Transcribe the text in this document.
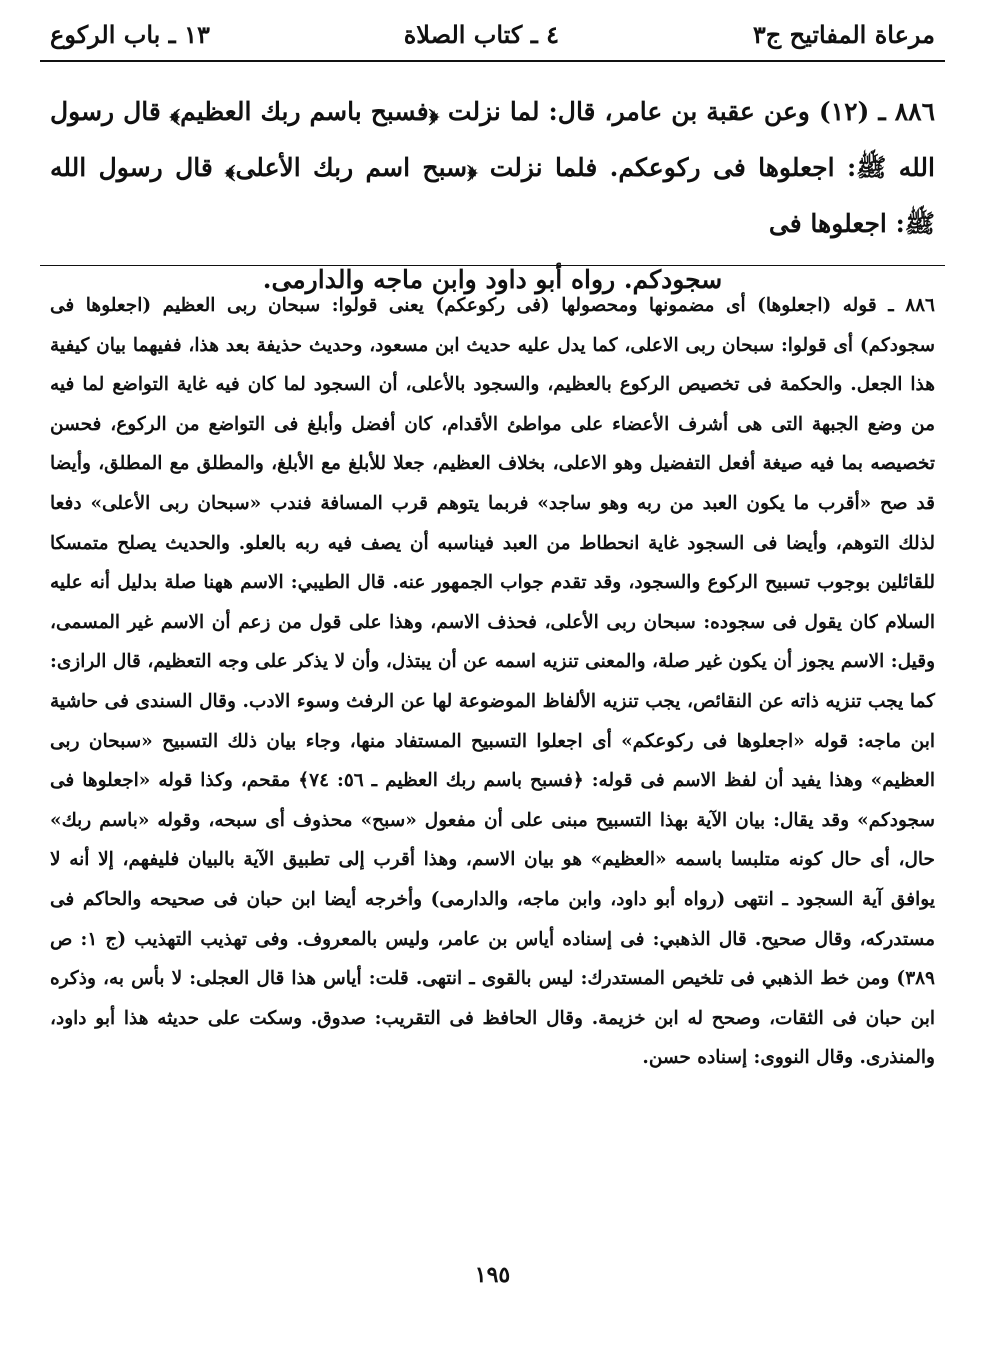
مرعاة المفاتيح ج٣
٤ ـ كتاب الصلاة
١٣ ـ باب الركوع
٨٨٦ ـ (١٢) وعن عقبة بن عامر، قال: لما نزلت ﴿فسبح باسم ربك العظيم﴾ قال رسول الله ﷺ: اجعلوها فى ركوعكم. فلما نزلت ﴿سبح اسم ربك الأعلى﴾ قال رسول الله ﷺ: اجعلوها فى
سجودكم. رواه أبو داود وابن ماجه والدارمى.

٨٨٦ ـ قوله (اجعلوها) أى مضمونها ومحصولها (فى ركوعكم) يعنى قولوا: سبحان ربى العظيم (اجعلوها فى سجودكم) أى قولوا: سبحان ربى الاعلى، كما يدل عليه حديث ابن مسعود، وحديث حذيفة بعد هذا، ففيهما بيان كيفية هذا الجعل. والحكمة فى تخصيص الركوع بالعظيم، والسجود بالأعلى، أن السجود لما كان فيه غاية التواضع لما فيه من وضع الجبهة التى هى أشرف الأعضاء على مواطئ الأقدام، كان أفضل وأبلغ فى التواضع من الركوع، فحسن تخصيصه بما فيه صيغة أفعل التفضيل وهو الاعلى، بخلاف العظيم، جعلا للأبلغ مع الأبلغ، والمطلق مع المطلق، وأيضا قد صح «أقرب ما يكون العبد من ربه وهو ساجد» فربما يتوهم قرب المسافة فندب «سبحان ربى الأعلى» دفعا لذلك التوهم، وأيضا فى السجود غاية انحطاط من العبد فيناسبه أن يصف فيه ربه بالعلو. والحديث يصلح متمسكا للقائلين بوجوب تسبيح الركوع والسجود، وقد تقدم جواب الجمهور عنه. قال الطيبي: الاسم ههنا صلة بدليل أنه عليه السلام كان يقول فى سجوده: سبحان ربى الأعلى، فحذف الاسم، وهذا على قول من زعم أن الاسم غير المسمى، وقيل: الاسم يجوز أن يكون غير صلة، والمعنى تنزيه اسمه عن أن يبتذل، وأن لا يذكر على وجه التعظيم، قال الرازى: كما يجب تنزيه ذاته عن النقائص، يجب تنزيه الألفاظ الموضوعة لها عن الرفث وسوء الادب. وقال السندى فى حاشية ابن ماجه: قوله «اجعلوها فى ركوعكم» أى اجعلوا التسبيح المستفاد منها، وجاء بيان ذلك التسبيح «سبحان ربى العظيم» وهذا يفيد أن لفظ الاسم فى قوله: ﴿فسبح باسم ربك العظيم ـ ٥٦: ٧٤﴾ مقحم، وكذا قوله «اجعلوها فى سجودكم» وقد يقال: بيان الآية بهذا التسبيح مبنى على أن مفعول «سبح» محذوف أى سبحه، وقوله «باسم ربك» حال، أى حال كونه متلبسا باسمه «العظيم» هو بيان الاسم، وهذا أقرب إلى تطبيق الآية بالبيان فليفهم، إلا أنه لا يوافق آية السجود ـ انتهى (رواه أبو داود، وابن ماجه، والدارمى) وأخرجه أيضا ابن حبان فى صحيحه والحاكم فى مستدركه، وقال صحيح. قال الذهبي: فى إسناده أياس بن عامر، وليس بالمعروف. وفى تهذيب التهذيب (ج ١: ص ٣٨٩) ومن خط الذهبي فى تلخيص المستدرك: ليس بالقوى ـ انتهى. قلت: أياس هذا قال العجلى: لا بأس به، وذكره ابن حبان فى الثقات، وصحح له ابن خزيمة. وقال الحافظ فى التقريب: صدوق. وسكت على حديثه هذا أبو داود، والمنذرى. وقال النووى: إسناده حسن.

١٩٥
